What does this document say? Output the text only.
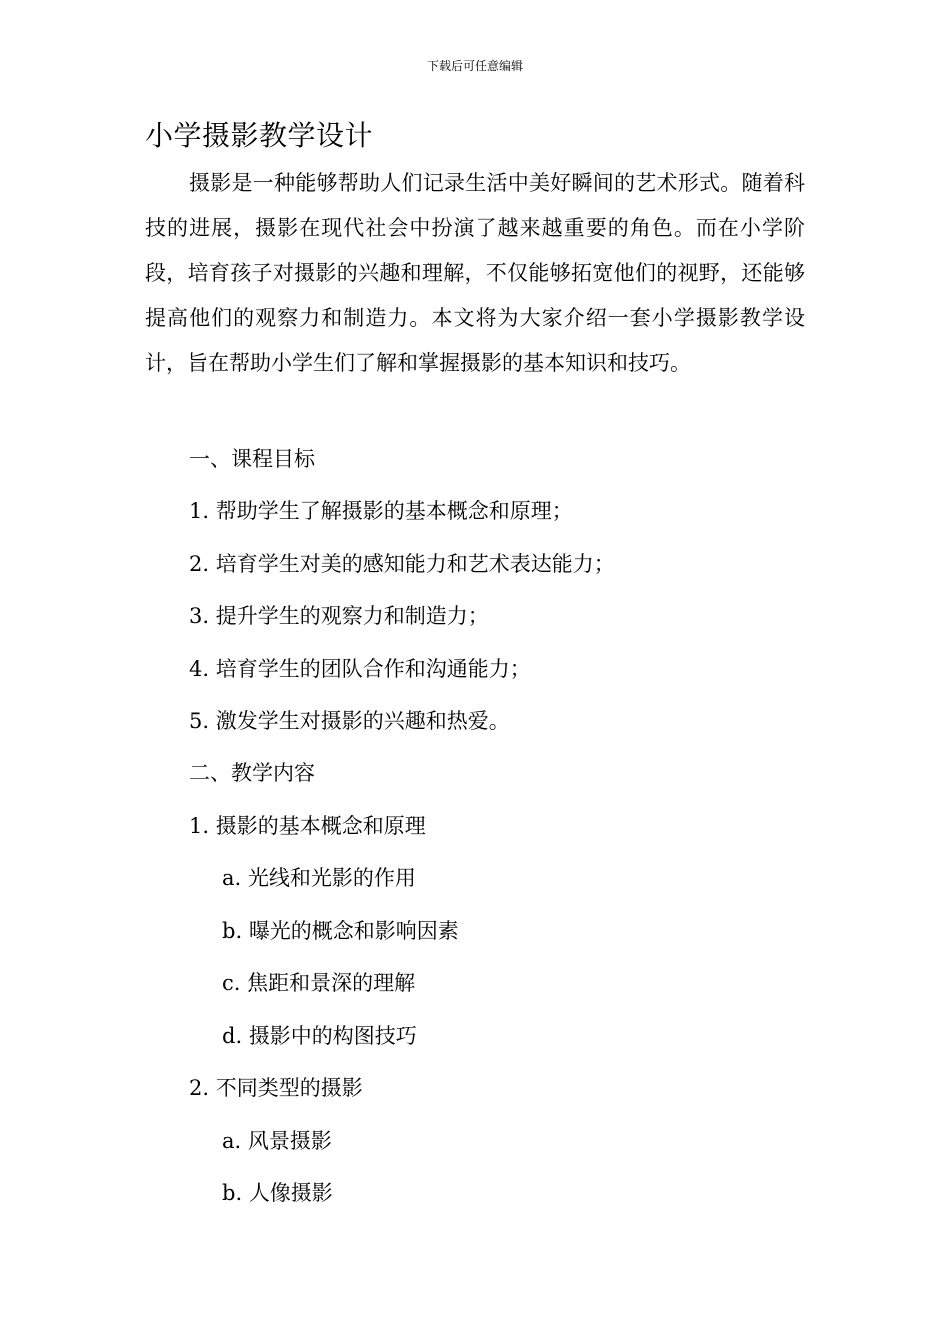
下载后可任意编辑
小学摄影教学设计

摄影是一种能够帮助人们记录生活中美好瞬间的艺术形式。随着科技的进展，摄影在现代社会中扮演了越来越重要的角色。而在小学阶段，培育孩子对摄影的兴趣和理解，不仅能够拓宽他们的视野，还能够提高他们的观察力和制造力。本文将为大家介绍一套小学摄影教学设计，旨在帮助小学生们了解和掌握摄影的基本知识和技巧。

一、课程目标
1. 帮助学生了解摄影的基本概念和原理；
2. 培育学生对美的感知能力和艺术表达能力；
3. 提升学生的观察力和制造力；
4. 培育学生的团队合作和沟通能力；
5. 激发学生对摄影的兴趣和热爱。
二、教学内容
1. 摄影的基本概念和原理
a. 光线和光影的作用
b. 曝光的概念和影响因素
c. 焦距和景深的理解
d. 摄影中的构图技巧
2. 不同类型的摄影
a. 风景摄影
b. 人像摄影
